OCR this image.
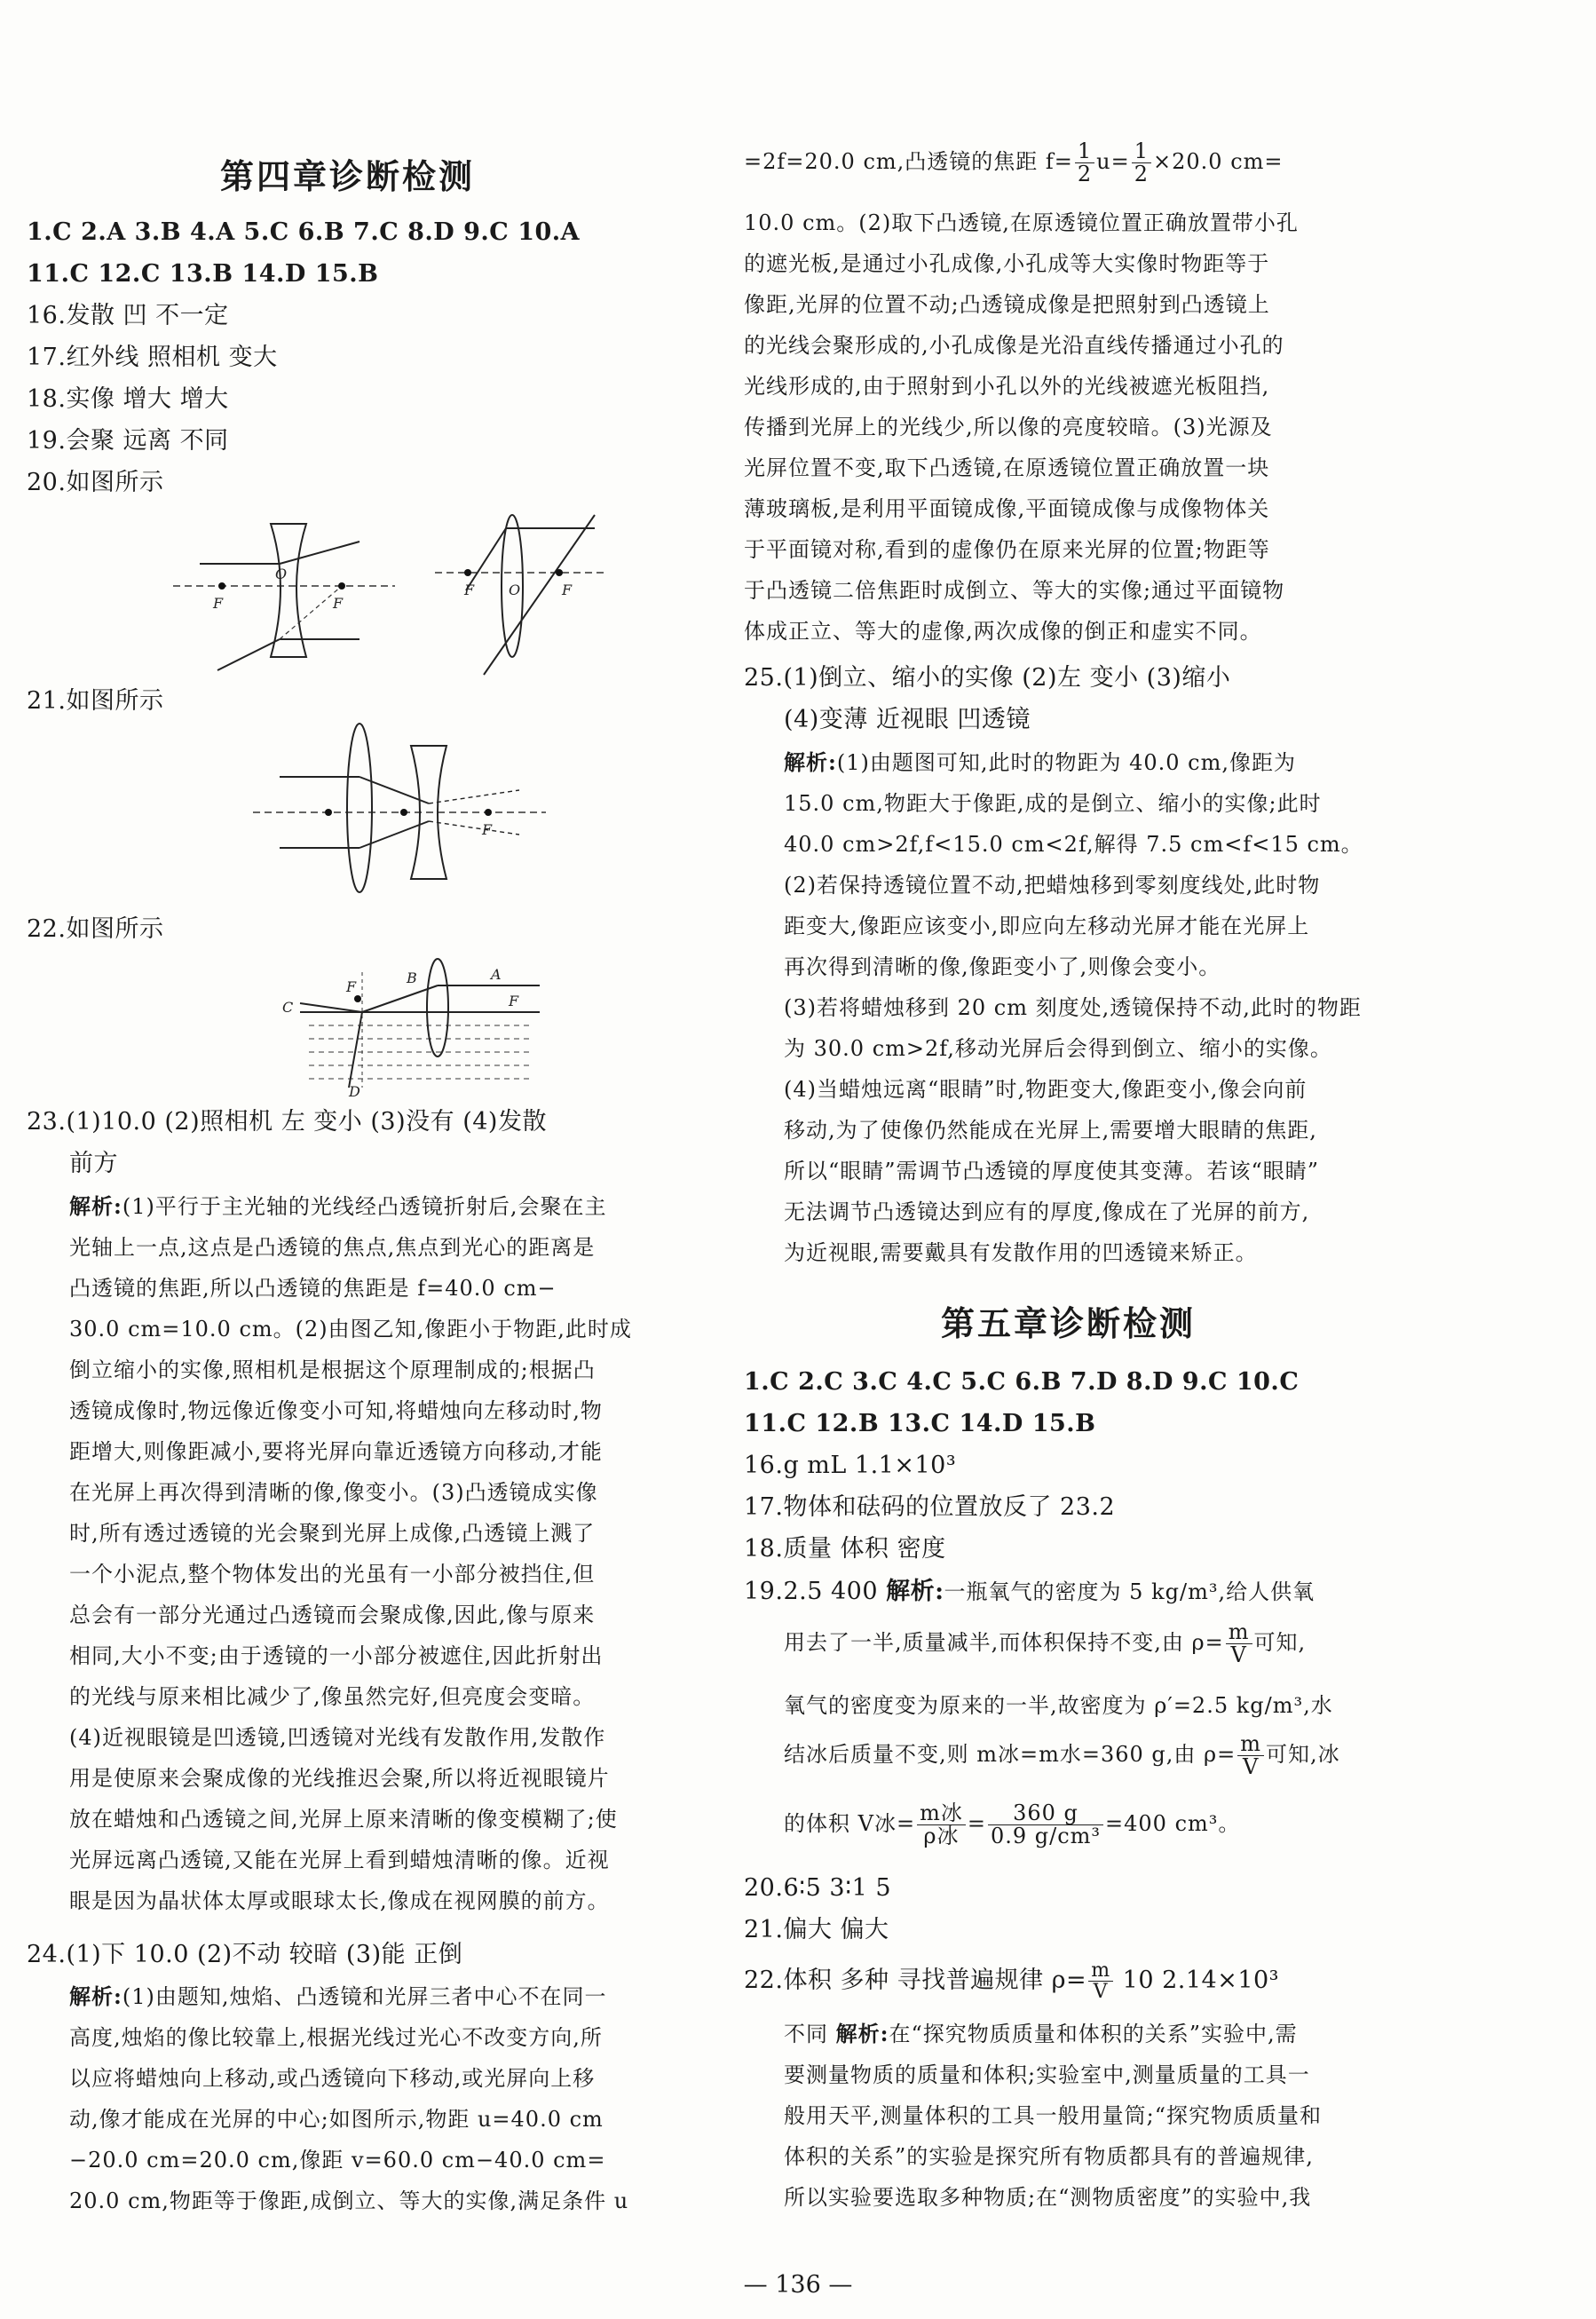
第四章诊断检测
1.C 2.A 3.B 4.A 5.C 6.B 7.C 8.D 9.C 10.A
11.C 12.C 13.B 14.D 15.B
16.发散 凹 不一定
17.红外线 照相机 变大
18.实像 增大 增大
19.会聚 远离 不同
20.如图所示
F
O
F
F O	F
21.如图所示
F
22.如图所示
F
B	A
F
C
D
23.(1)10.0 (2)照相机 左 变小 (3)没有 (4)发散
前方
解析:(1)平行于主光轴的光线经凸透镜折射后,会聚在主
光轴上一点,这点是凸透镜的焦点,焦点到光心的距离是
凸透镜的焦距,所以凸透镜的焦距是 f=40.0 cm−
30.0 cm=10.0 cm。(2)由图乙知,像距小于物距,此时成
倒立缩小的实像,照相机是根据这个原理制成的;根据凸
透镜成像时,物远像近像变小可知,将蜡烛向左移动时,物
距增大,则像距减小,要将光屏向靠近透镜方向移动,才能
在光屏上再次得到清晰的像,像变小。(3)凸透镜成实像
时,所有透过透镜的光会聚到光屏上成像,凸透镜上溅了
一个小泥点,整个物体发出的光虽有一小部分被挡住,但
总会有一部分光通过凸透镜而会聚成像,因此,像与原来
相同,大小不变;由于透镜的一小部分被遮住,因此折射出
的光线与原来相比减少了,像虽然完好,但亮度会变暗。
(4)近视眼镜是凹透镜,凹透镜对光线有发散作用,发散作
用是使原来会聚成像的光线推迟会聚,所以将近视眼镜片
放在蜡烛和凸透镜之间,光屏上原来清晰的像变模糊了;使
光屏远离凸透镜,又能在光屏上看到蜡烛清晰的像。近视
眼是因为晶状体太厚或眼球太长,像成在视网膜的前方。
24.(1)下 10.0 (2)不动 较暗 (3)能 正倒
解析:(1)由题知,烛焰、凸透镜和光屏三者中心不在同一
高度,烛焰的像比较靠上,根据光线过光心不改变方向,所
以应将蜡烛向上移动,或凸透镜向下移动,或光屏向上移
动,像才能成在光屏的中心;如图所示,物距 u=40.0 cm
−20.0 cm=20.0 cm,像距 v=60.0 cm−40.0 cm=
20.0 cm,物距等于像距,成倒立、等大的实像,满足条件 u
=2f=20.0 cm,凸透镜的焦距 $f= \frac{1}{2} u= \frac{1}{2} \times 20.0$ cm=
10.0 cm。(2)取下凸透镜,在原透镜位置正确放置带小孔
的遮光板,是通过小孔成像,小孔成等大实像时物距等于
像距,光屏的位置不动;凸透镜成像是把照射到凸透镜上
的光线会聚形成的,小孔成像是光沿直线传播通过小孔的
光线形成的,由于照射到小孔以外的光线被遮光板阻挡,
传播到光屏上的光线少,所以像的亮度较暗。(3)光源及
光屏位置不变,取下凸透镜,在原透镜位置正确放置一块
薄玻璃板,是利用平面镜成像,平面镜成像与成像物体关
于平面镜对称,看到的虚像仍在原来光屏的位置;物距等
于凸透镜二倍焦距时成倒立、等大的实像;通过平面镜物
体成正立、等大的虚像,两次成像的倒正和虚实不同。
25.(1)倒立、缩小的实像 (2)左 变小 (3)缩小
(4)变薄 近视眼 凹透镜
解析:(1)由题图可知,此时的物距为 40.0 cm,像距为
15.0 cm,物距大于像距,成的是倒立、缩小的实像;此时
40.0 cm>2f,f<15.0 cm<2f,解得 7.5 cm<f<15 cm。
(2)若保持透镜位置不动,把蜡烛移到零刻度线处,此时物
距变大,像距应该变小,即应向左移动光屏才能在光屏上
再次得到清晰的像,像距变小了,则像会变小。
(3)若将蜡烛移到 20 cm 刻度处,透镜保持不动,此时的物距
为 30.0 cm>2f,移动光屏后会得到倒立、缩小的实像。
(4)当蜡烛远离“眼睛”时,物距变大,像距变小,像会向前
移动,为了使像仍然能成在光屏上,需要增大眼睛的焦距,
所以“眼睛”需调节凸透镜的厚度使其变薄。若该“眼睛”
无法调节凸透镜达到应有的厚度,像成在了光屏的前方,
为近视眼,需要戴具有发散作用的凹透镜来矫正。
第五章诊断检测
1.C 2.C 3.C 4.C 5.C 6.B 7.D 8.D 9.C 10.C
11.C 12.B 13.C 14.D 15.B
16.g mL 1.1×10³
17.物体和砝码的位置放反了 23.2
18.质量 体积 密度
19.2.5 400 解析:一瓶氧气的密度为 5 kg/m³,给人供氧
用去了一半,质量减半,而体积保持不变,由 $\rho= \frac{m}{V}$ 可知,
氧气的密度变为原来的一半,故密度为 ρ′=2.5 kg/m³,水
结冰后质量不变,则 m冰=m水=360 g,由 $\rho= \frac{m}{V}$ 可知,冰
的体积 V冰= $\frac{\text{m冰}}{\text{ρ冰}} = \frac{360 g}{\text{0.9 g/cm³}} =400$ cm³。
20.6∶5 3∶1 5
21.偏大 偏大
22.体积 多种 寻找普遍规律 $\rho= \frac{m}{V} 10$ 2.14×10³
不同 解析:在“探究物质质量和体积的关系”实验中,需
要测量物质的质量和体积;实验室中,测量质量的工具一
般用天平,测量体积的工具一般用量筒;“探究物质质量和
体积的关系”的实验是探究所有物质都具有的普遍规律,
所以实验要选取多种物质;在“测物质密度”的实验中,我
— 136 —
